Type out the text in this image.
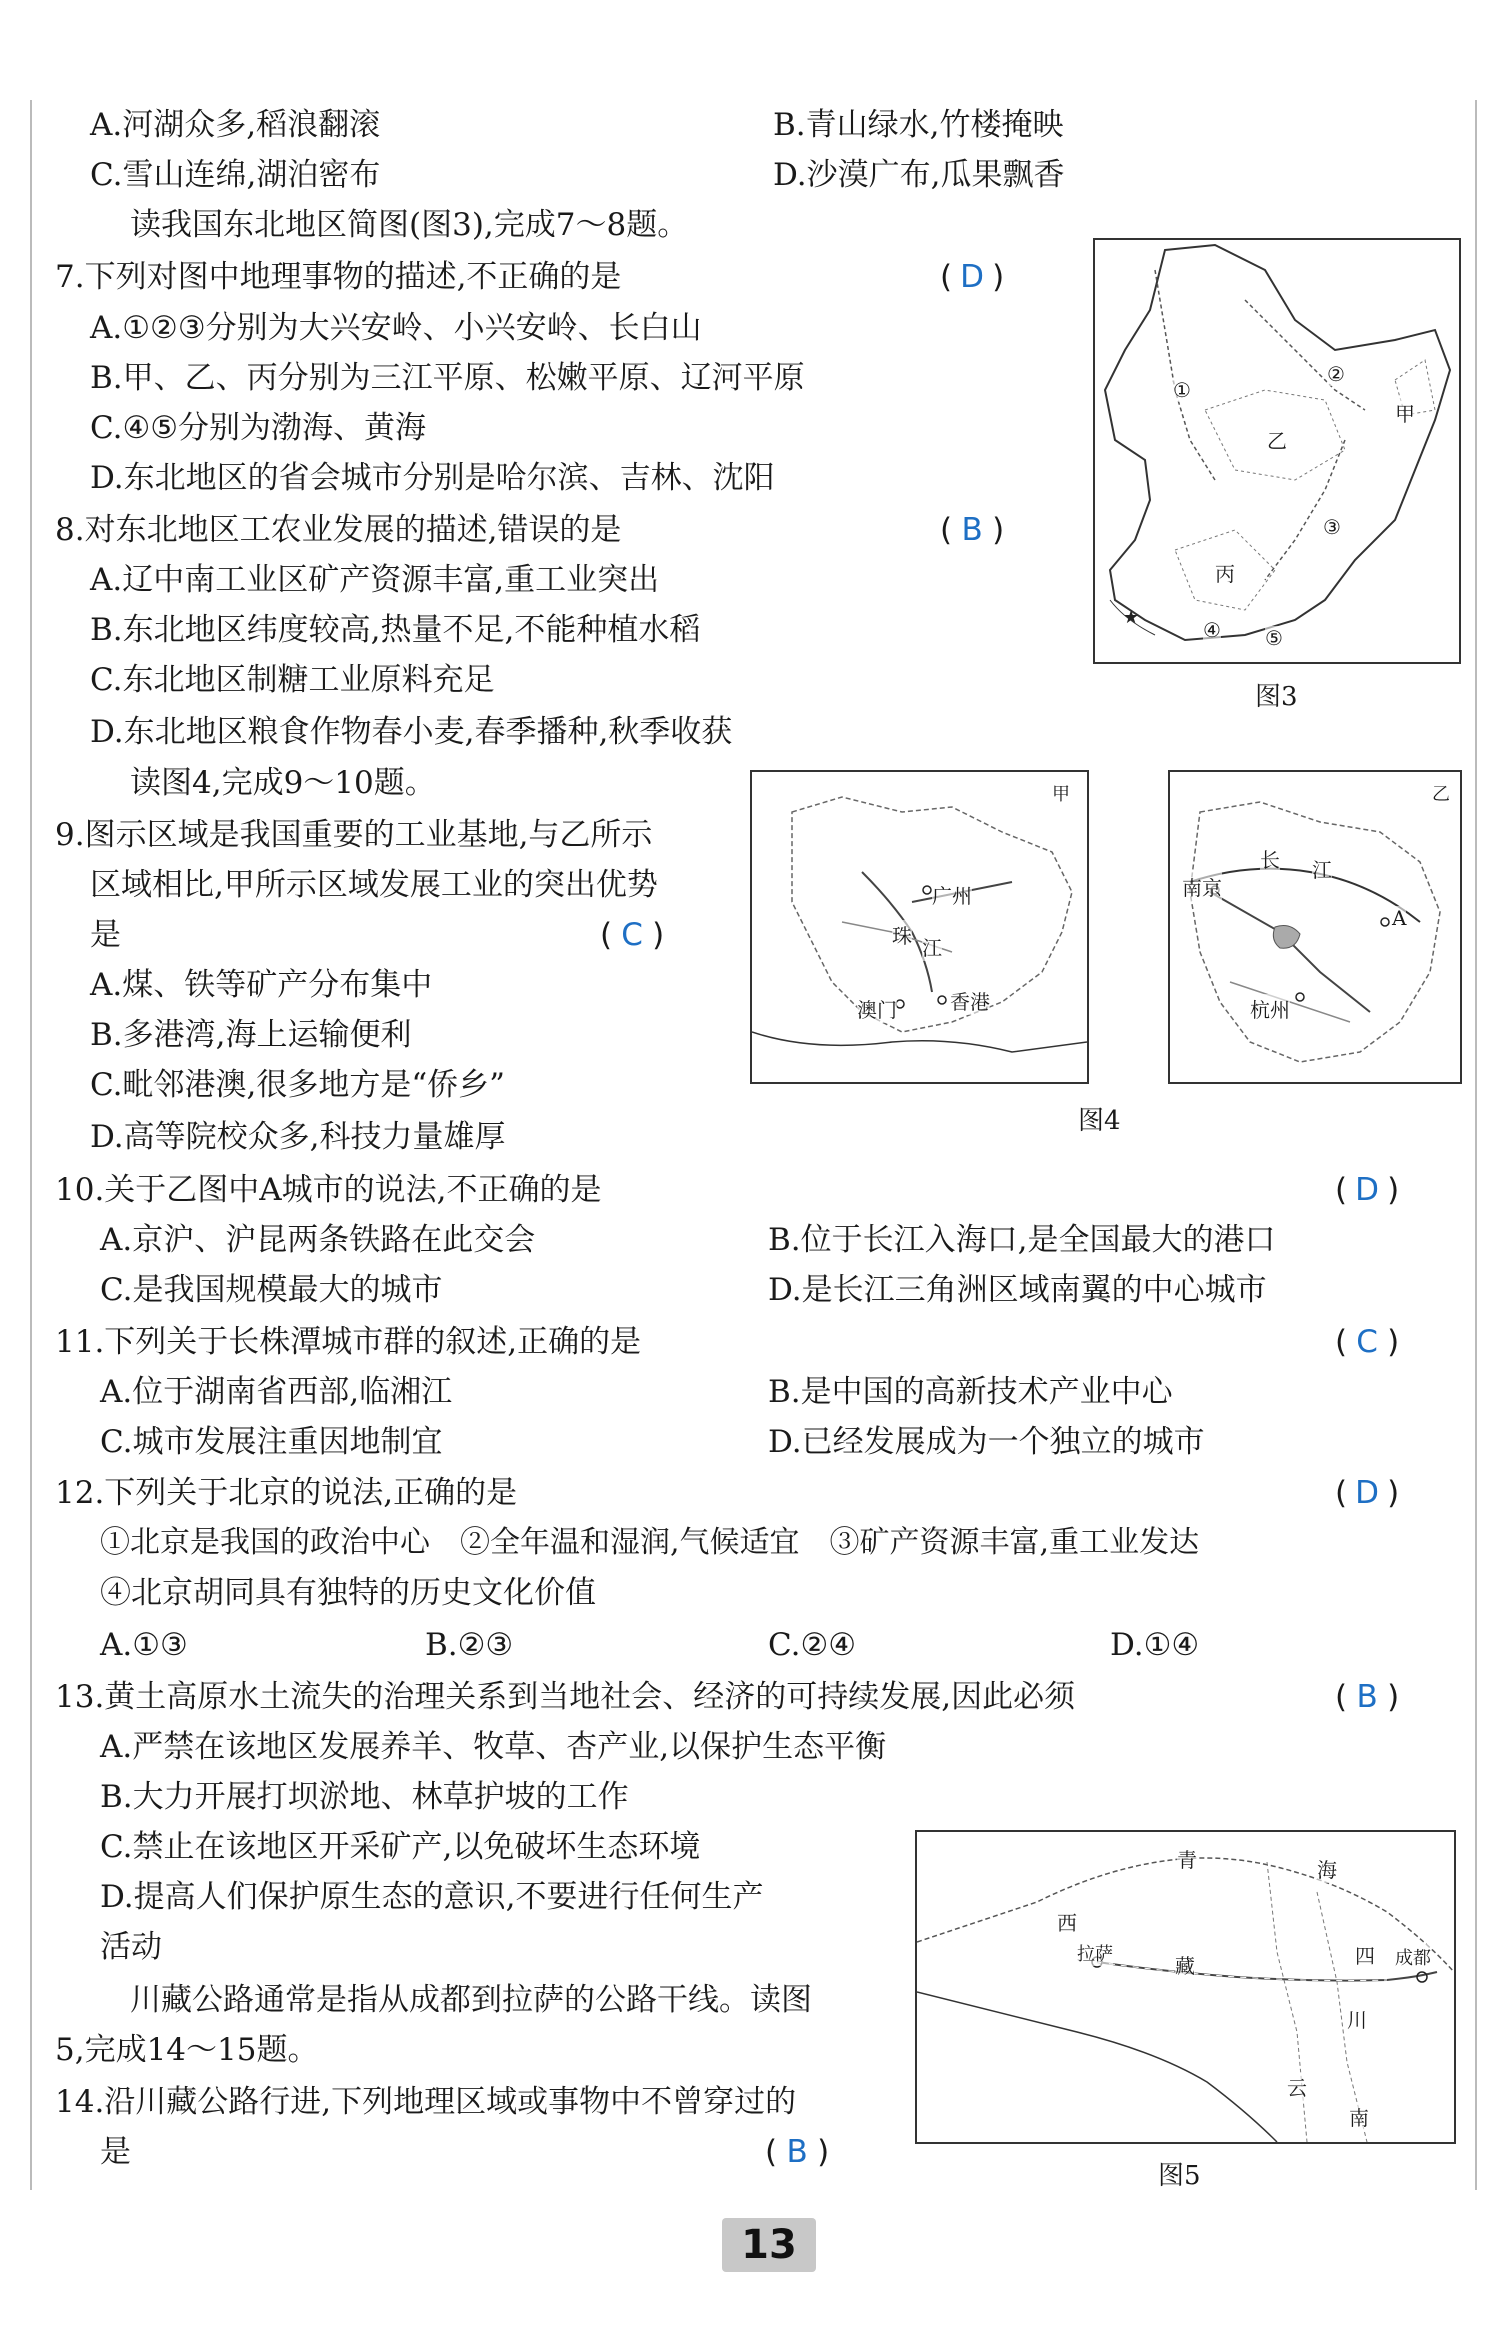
A.河湖众多,稻浪翻滚	B.青山绿水,竹楼掩映
C.雪山连绵,湖泊密布	D.沙漠广布,瓜果飘香
读我国东北地区简图(图3),完成7～8题。
7.下列对图中地理事物的描述,不正确的是	( D )
A.①②③分别为大兴安岭、小兴安岭、长白山
B.甲、乙、丙分别为三江平原、松嫩平原、辽河平原
C.④⑤分别为渤海、黄海
D.东北地区的省会城市分别是哈尔滨、吉林、沈阳
8.对东北地区工农业发展的描述,错误的是	( B )
A.辽中南工业区矿产资源丰富,重工业突出
B.东北地区纬度较高,热量不足,不能种植水稻
C.东北地区制糖工业原料充足
D.东北地区粮食作物春小麦,春季播种,秋季收获
★
①
②
③
④ ⑤
甲
乙
丙
图3
读图4,完成9～10题。
9.图示区域是我国重要的工业基地,与乙所示
区域相比,甲所示区域发展工业的突出优势
是	( C )
A.煤、铁等矿产分布集中
B.多港湾,海上运输便利
C.毗邻港澳,很多地方是“侨乡”
D.高等院校众多,科技力量雄厚
甲
广州
珠 江
澳门	香港
乙
长 江
南京
A
杭州
图4
10.关于乙图中A城市的说法,不正确的是	( D )
A.京沪、沪昆两条铁路在此交会	B.位于长江入海口,是全国最大的港口
C.是我国规模最大的城市	D.是长江三角洲区域南翼的中心城市
11.下列关于长株潭城市群的叙述,正确的是	( C )
A.位于湖南省西部,临湘江	B.是中国的高新技术产业中心
C.城市发展注重因地制宜	D.已经发展成为一个独立的城市
12.下列关于北京的说法,正确的是	( D )
①北京是我国的政治中心　②全年温和湿润,气候适宜　③矿产资源丰富,重工业发达
④北京胡同具有独特的历史文化价值
A.①③	B.②③	C.②④	D.①④
13.黄土高原水土流失的治理关系到当地社会、经济的可持续发展,因此必须	( B )
A.严禁在该地区发展养羊、牧草、杏产业,以保护生态平衡
B.大力开展打坝淤地、林草护坡的工作
C.禁止在该地区开采矿产,以免破坏生态环境
D.提高人们保护原生态的意识,不要进行任何生产
活动
川藏公路通常是指从成都到拉萨的公路干线。读图
5,完成14～15题。
14.沿川藏公路行进,下列地理区域或事物中不曾穿过的
是	( B )
青	海
西
拉萨	藏	四 成都
川
云
南
图5
13
